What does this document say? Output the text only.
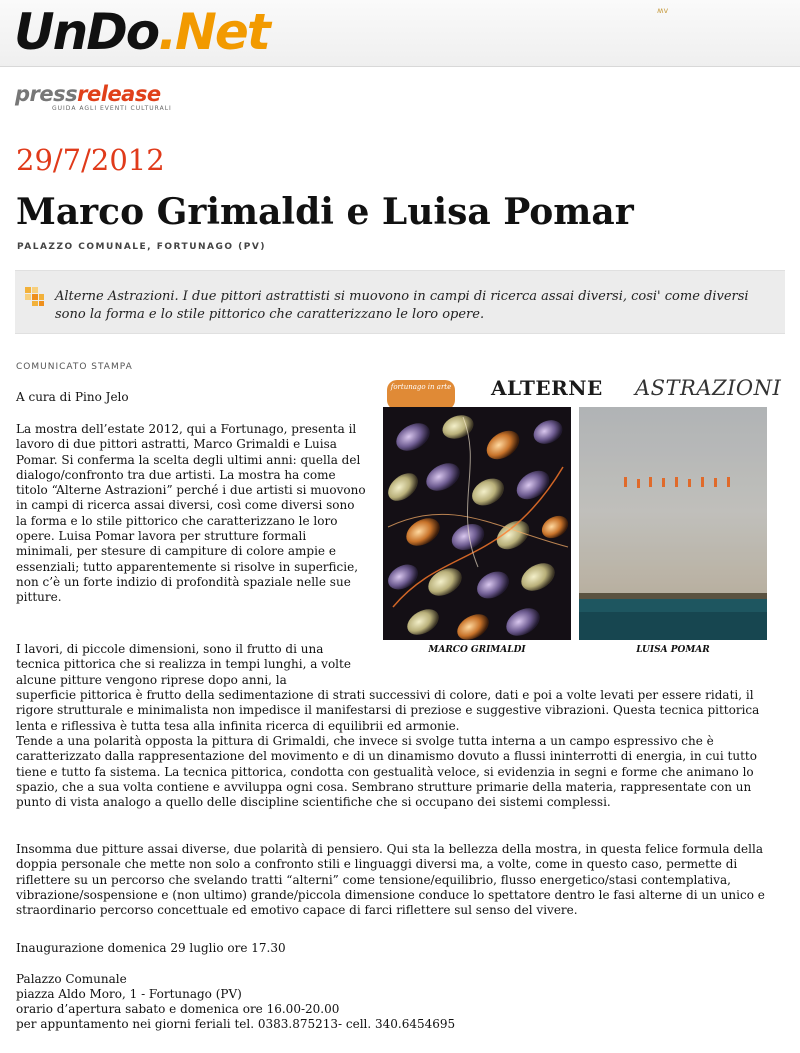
UnDo.Net	ʍv
pressrelease
GUIDA AGLI EVENTI CULTURALI
29/7/2012
Marco Grimaldi e Luisa Pomar
PALAZZO COMUNALE, FORTUNAGO (PV)
Alterne Astrazioni. I due pittori astrattisti si muovono in campi di ricerca assai diversi, cosi' come diversi sono la forma e lo stile pittorico che caratterizzano le loro opere.
COMUNICATO STAMPA
A cura di Pino Jelo

La mostra dell’estate 2012, qui a Fortunago, presenta il lavoro di due pittori astratti, Marco Grimaldi e Luisa Pomar. Si conferma la scelta degli ultimi anni: quella del dialogo/confronto tra due artisti. La mostra ha come titolo “Alterne Astrazioni” perché i due artisti si muovono in campi di ricerca assai diversi, così come diversi sono la forma e lo stile pittorico che caratterizzano le loro opere. Luisa Pomar lavora per strutture formali minimali, per stesure di campiture di colore ampie e essenziali; tutto apparentemente si risolve in superficie, non c’è un forte indizio di profondità spaziale nelle sue pitture.

I lavori, di piccole dimensioni, sono il frutto di una tecnica pittorica che si realizza in tempi lunghi, a volte alcune pitture vengono riprese dopo anni, la

superficie pittorica è frutto della sedimentazione di strati successivi di colore, dati e poi a volte levati per essere ridati, il rigore strutturale e minimalista non impedisce il manifestarsi di preziose e suggestive vibrazioni. Questa tecnica pittorica lenta e riflessiva è tutta tesa alla infinita ricerca di equilibrii ed armonie.

Tende a una polarità opposta la pittura di Grimaldi, che invece si svolge tutta interna a un campo espressivo che è caratterizzato dalla rappresentazione del movimento e di un dinamismo dovuto a flussi ininterrotti di energia, in cui tutto tiene e tutto fa sistema. La tecnica pittorica, condotta con gestualità veloce, si evidenzia in segni e forme che animano lo spazio, che a sua volta contiene e avviluppa ogni cosa. Sembrano strutture primarie della materia, rappresentate con un punto di vista analogo a quello delle discipline scientifiche che si occupano dei sistemi complessi.

Insomma due pitture assai diverse, due polarità di pensiero. Qui sta la bellezza della mostra, in questa felice formula della doppia personale che mette non solo a confronto stili e linguaggi diversi ma, a volte, come in questo caso, permette di riflettere su un percorso che svelando tratti “alterni” come tensione/equilibrio, flusso energetico/stasi contemplativa, vibrazione/sospensione e (non ultimo) grande/piccola dimensione conduce lo spettatore dentro le fasi alterne di un unico e straordinario percorso concettuale ed emotivo capace di farci riflettere sul senso del vivere.

Inaugurazione domenica 29 luglio ore 17.30
Palazzo Comunale
piazza Aldo Moro, 1 - Fortunago (PV)
orario d’apertura sabato e domenica ore 16.00-20.00
per appuntamento nei giorni feriali tel. 0383.875213- cell. 340.6454695
fortunago in arte ALTERNE ASTRAZIONI
MARCO GRIMALDI	LUISA POMAR
